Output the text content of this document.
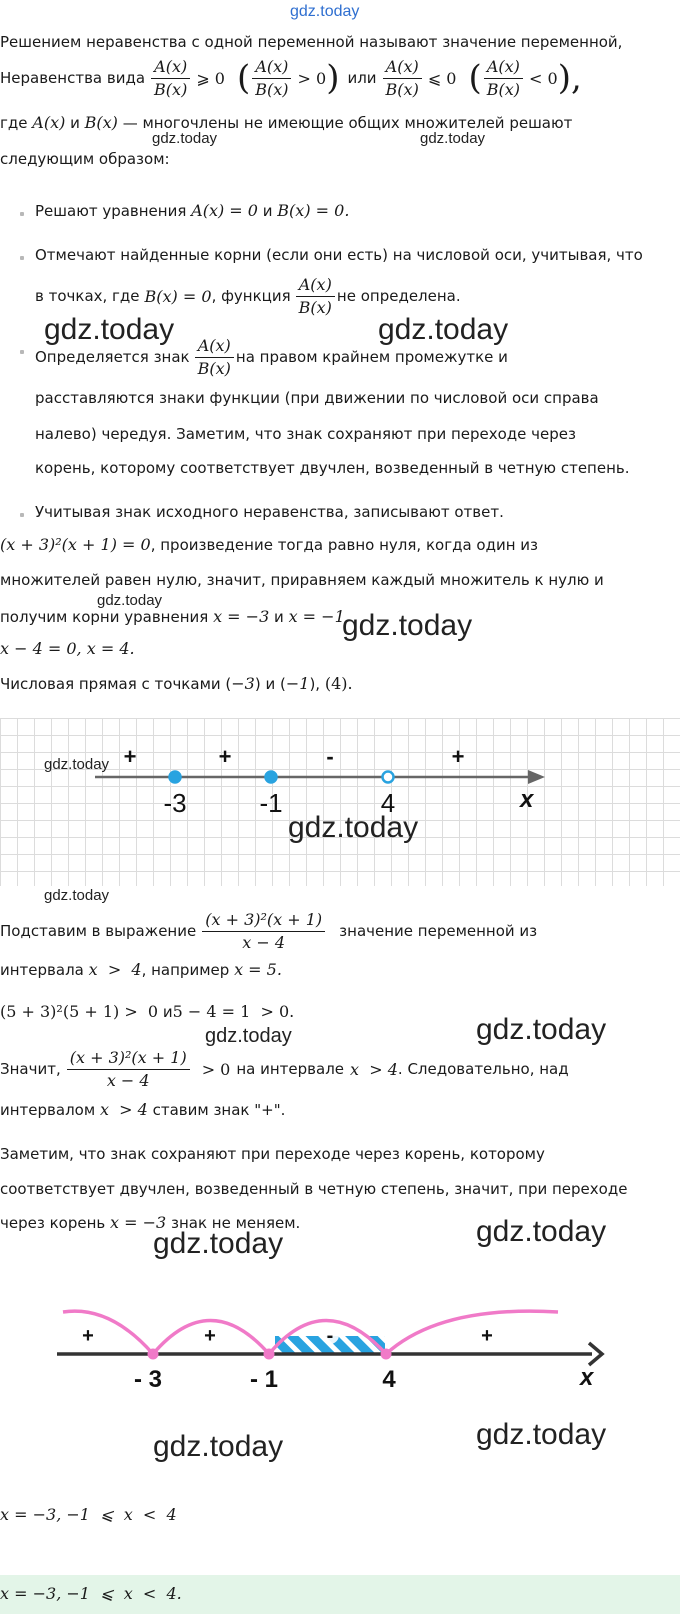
gdz.today
Решением неравенства с одной переменной называют значение переменной,
Неравенства вида $\frac{A(x)}{B(x)}$ ⩾ 0 ( $\frac{A(x)}{B(x)} > 0$ ) или $\frac{A(x)}{B(x)}$ ⩽ 0 ( $\frac{A(x)}{B(x)} < 0$ ),
где A(x) и B(x) — многочлены не имеющие общих множителей решают
gdz.today	gdz.today
следующим образом:
Решают уравнения A(x) = 0 и B(x) = 0.
Отмечают найденные корни (если они есть) на числовой оси, учитывая, что
в точках, где B(x) = 0 , функция $\frac{A(x)}{B(x)}$ не определена.
gdz.today	gdz.today
Определяется знак $\frac{A(x)}{B(x)}$ на правом крайнем промежутке и
расставляются знаки функции (при движении по числовой оси справа
налево) чередуя. Заметим, что знак сохраняют при переходе через
корень, которому соответствует двучлен, возведенный в четную степень.
Учитывая знак исходного неравенства, записывают ответ.
(x + 3)²(x + 1) = 0, произведение тогда равно нуля, когда один из
множителей равен нулю, значит, приравняем каждый множитель к нулю и
gdz.today
получим корни уравнения x = −3 и x = −1
gdz.today
x − 4 = 0, x = 4.
Числовая прямая с точками (−3) и (−1), (4).
-3	-1	4
+	+	-	+
x
gdz.today
gdz.today
gdz.today
Подставим в выражение $\frac{\text{(x + 3)²(x + 1)}}{x - 4}$ значение переменной из
интервала x  >  4, например x = 5.
(5 + 3)²(5 + 1) >  0 и5 − 4 = 1  > 0.
gdz.today	gdz.today
Значит, $\frac{\text{(x + 3)²(x + 1)}}{x - 4} > 0$ на интервале x  > 4 . Следовательно, над
интервалом x  > 4 ставим знак "+".
Заметим, что знак сохраняют при переходе через корень, которому
соответствует двучлен, возведенный в четную степень, значит, при переходе
через корень x = −3 знак не меняем.
gdz.today	gdz.today
- 3	- 1	4
+	+	-	+
x
gdz.today	gdz.today
x = −3, −1  ⩽  x  <  4
x = −3, −1  ⩽  x  <  4.
